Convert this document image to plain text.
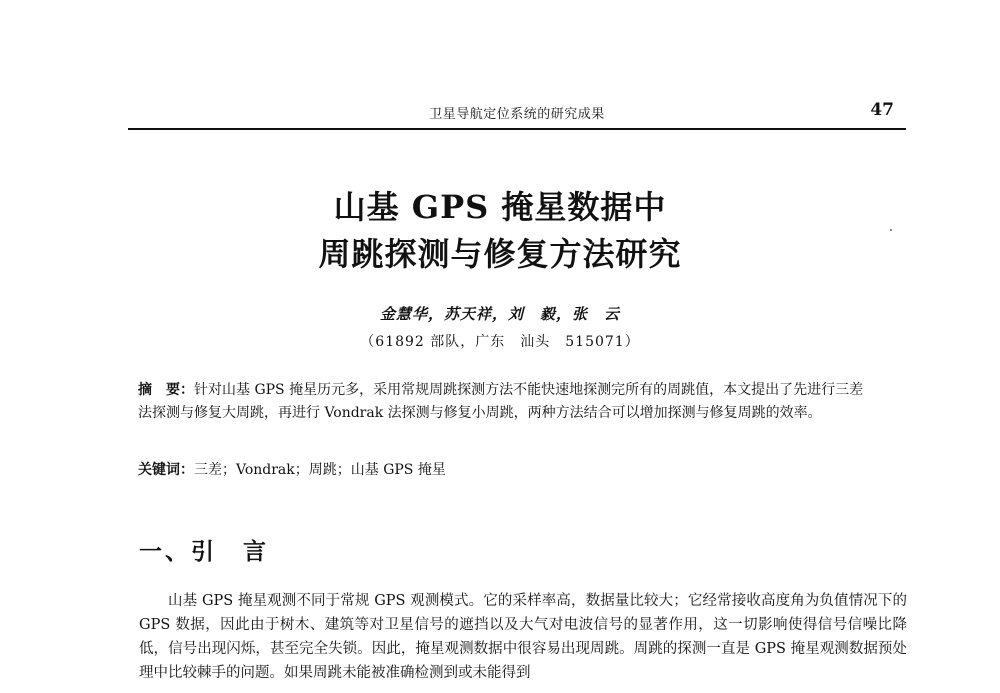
卫星导航定位系统的研究成果	47
山基 GPS 掩星数据中
周跳探测与修复方法研究
金慧华，苏天祥，刘　毅，张　云
（61892 部队，广东　汕头　515071）
摘　要：针对山基 GPS 掩星历元多，采用常规周跳探测方法不能快速地探测完所有的周跳值，本文提出了先进行三差法探测与修复大周跳，再进行 Vondrak 法探测与修复小周跳，两种方法结合可以增加探测与修复周跳的效率。
关键词：三差；Vondrak；周跳；山基 GPS 掩星
一、引　言

山基 GPS 掩星观测不同于常规 GPS 观测模式。它的采样率高，数据量比较大；它经常接收高度角为负值情况下的 GPS 数据，因此由于树木、建筑等对卫星信号的遮挡以及大气对电波信号的显著作用，这一切影响使得信号信噪比降低，信号出现闪烁，甚至完全失锁。因此，掩星观测数据中很容易出现周跳。周跳的探测一直是 GPS 掩星观测数据预处理中比较棘手的问题。如果周跳未能被准确检测到或未能得到
